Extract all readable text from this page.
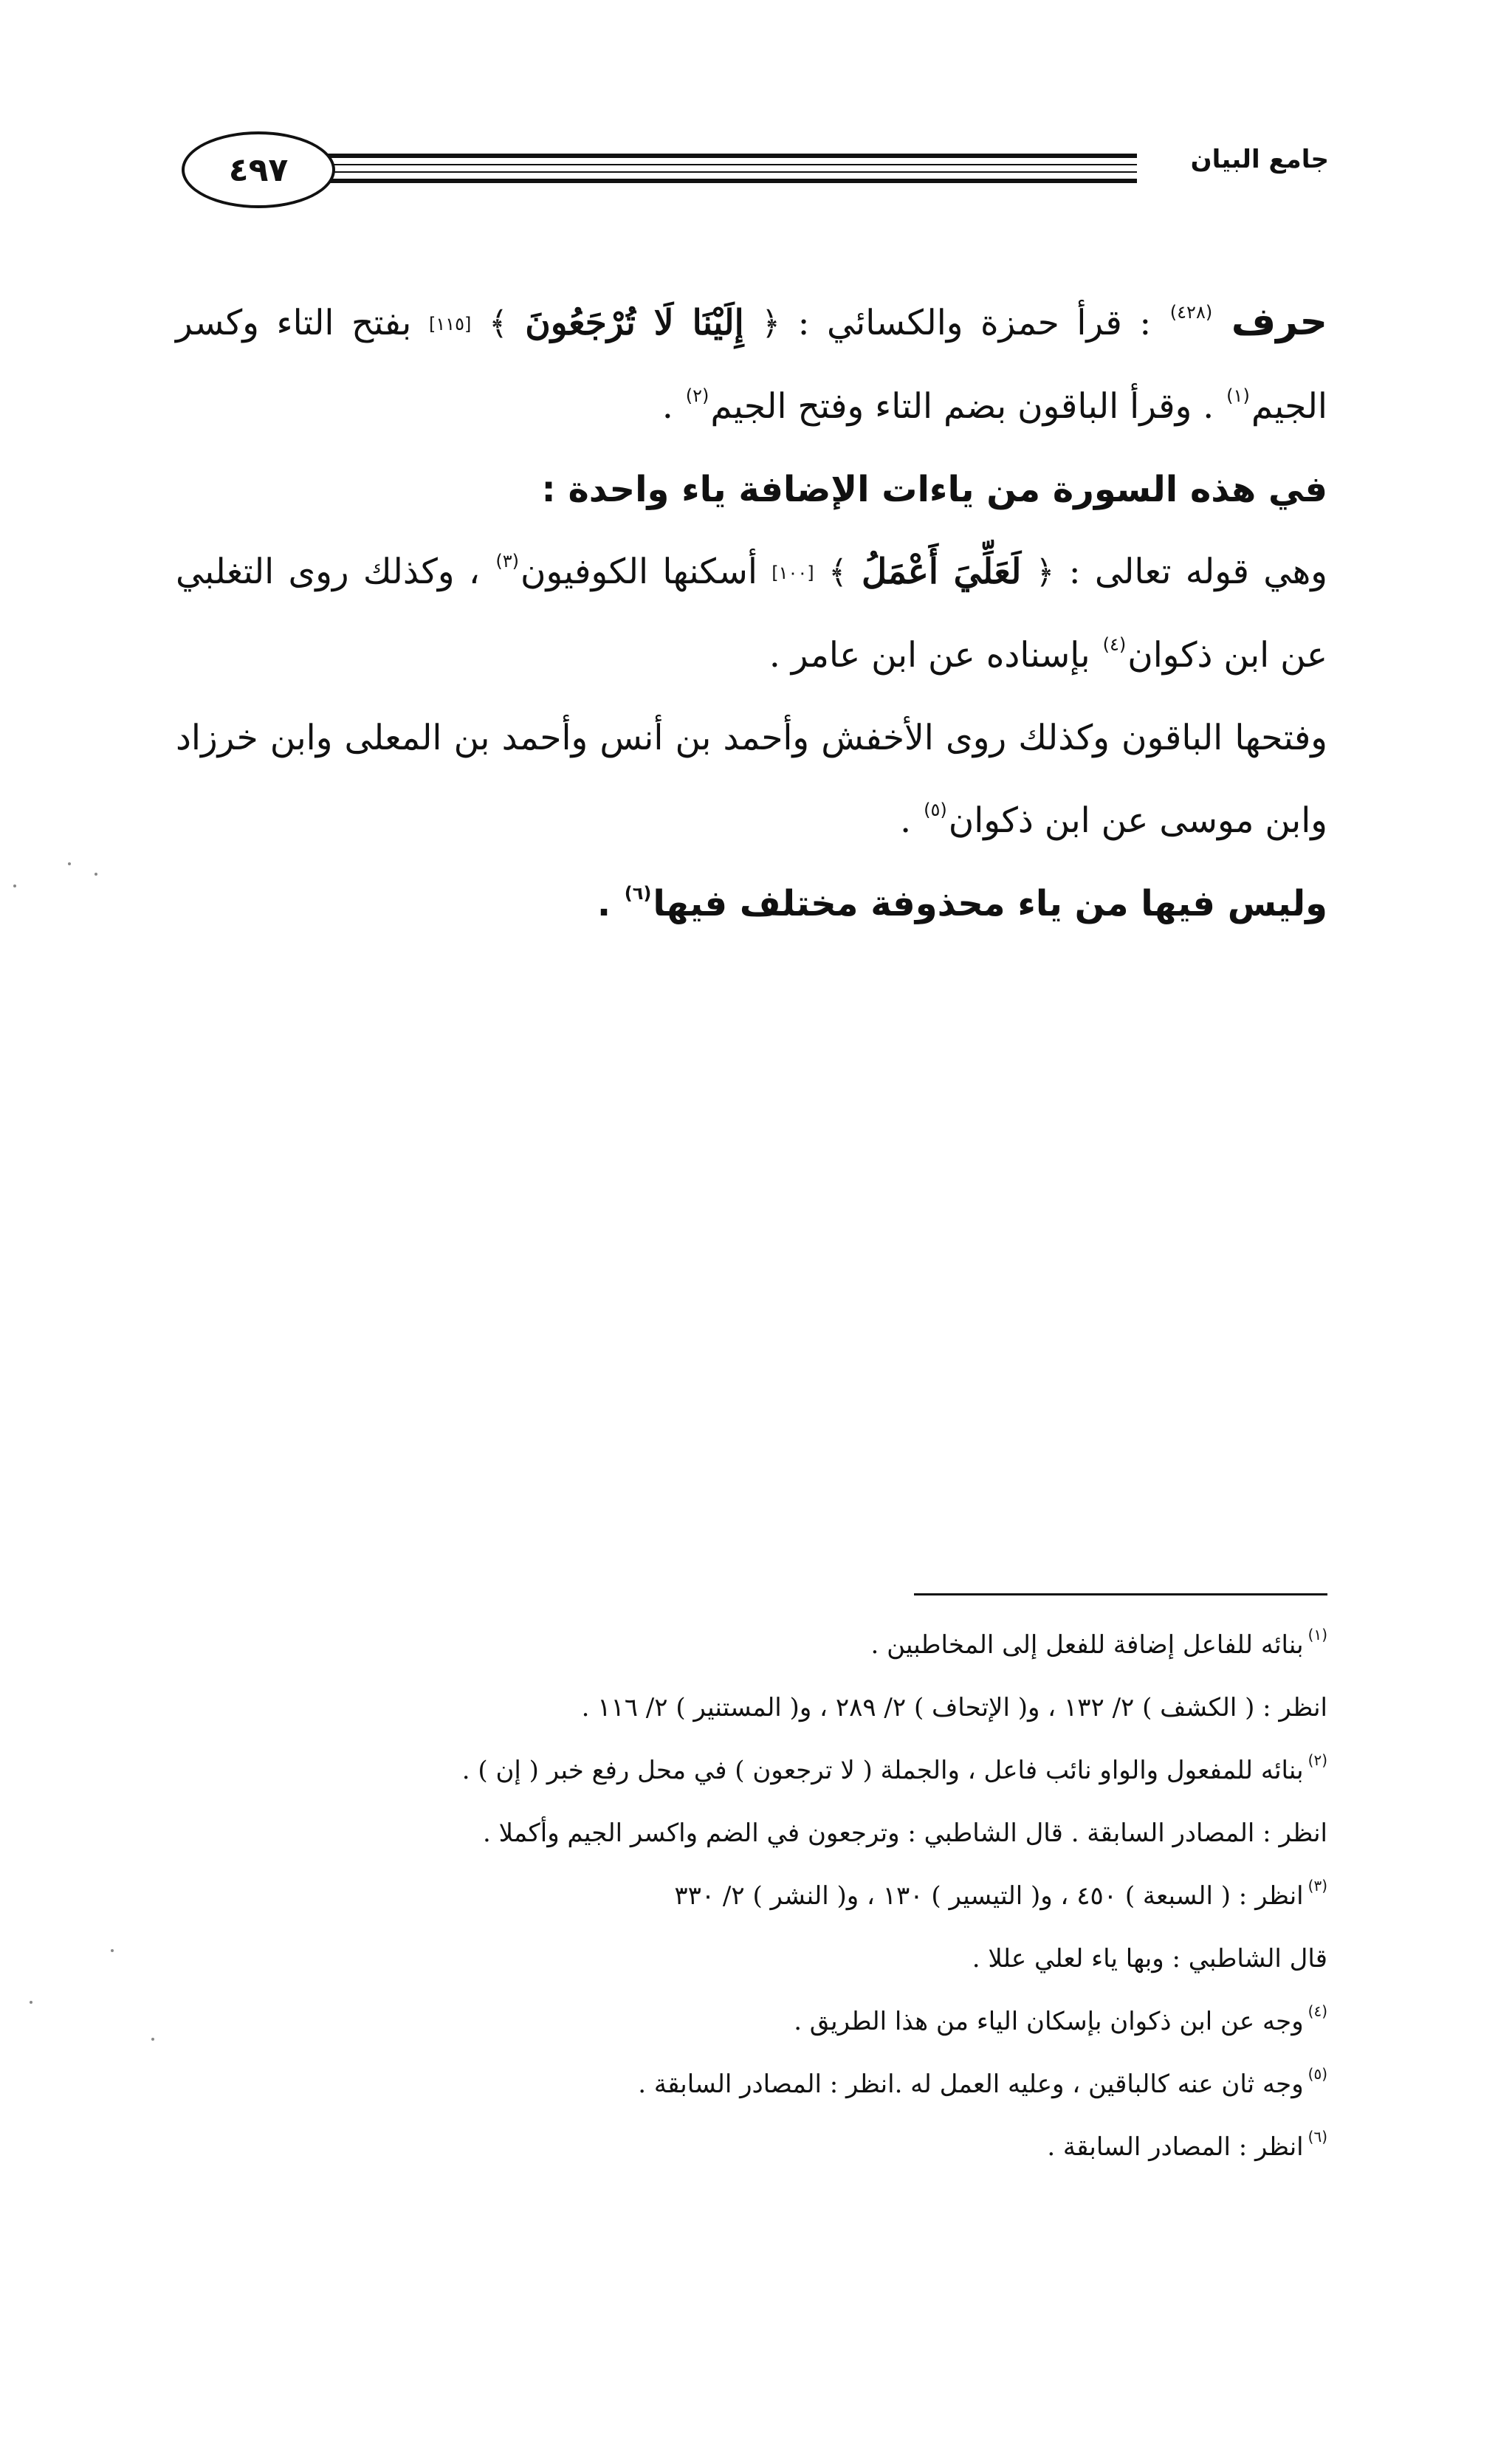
جامع البيان
٤٩٧

حرف $^{(٤٢٨)}$ : قرأ حمزة والكسائي : ﴿ إِلَيْنَا لَا تُرْجَعُونَ ﴾ [١١٥] بفتح التاء وكسر الجيم$^{(١)}$ . وقرأ الباقون بضم التاء وفتح الجيم$^{(٢)}$ .

في هذه السورة من ياءات الإضافة ياء واحدة :

وهي قوله تعالى : ﴿ لَعَلِّيَ أَعْمَلُ ﴾ [١٠٠] أسكنها الكوفيون$^{(٣)}$ ، وكذلك روى التغلبي عن ابن ذكوان$^{(٤)}$ بإسناده عن ابن عامر .

وفتحها الباقون وكذلك روى الأخفش وأحمد بن أنس وأحمد بن المعلى وابن خرزاد وابن موسى عن ابن ذكوان$^{(٥)}$ .

وليس فيها من ياء محذوفة مختلف فيها$^{(٦)}$ .

$^{(١)}$بنائه للفاعل إضافة للفعل إلى المخاطبين .

انظر : ( الكشف ) ٢/ ١٣٢ ، و( الإتحاف ) ٢/ ٢٨٩ ، و( المستنير ) ٢/ ١١٦ .

$^{(٢)}$بنائه للمفعول والواو نائب فاعل ، والجملة ( لا ترجعون ) في محل رفع خبر ( إن ) .

انظر : المصادر السابقة . قال الشاطبي : وترجعون في الضم واكسر الجيم وأكملا .

$^{(٣)}$انظر : ( السبعة ) ٤٥٠ ، و( التيسير ) ١٣٠ ، و( النشر ) ٢/ ٣٣٠

قال الشاطبي : وبها ياء لعلي عللا .

$^{(٤)}$وجه عن ابن ذكوان بإسكان الياء من هذا الطريق .

$^{(٥)}$وجه ثان عنه كالباقين ، وعليه العمل له .انظر : المصادر السابقة .

$^{(٦)}$انظر : المصادر السابقة .
